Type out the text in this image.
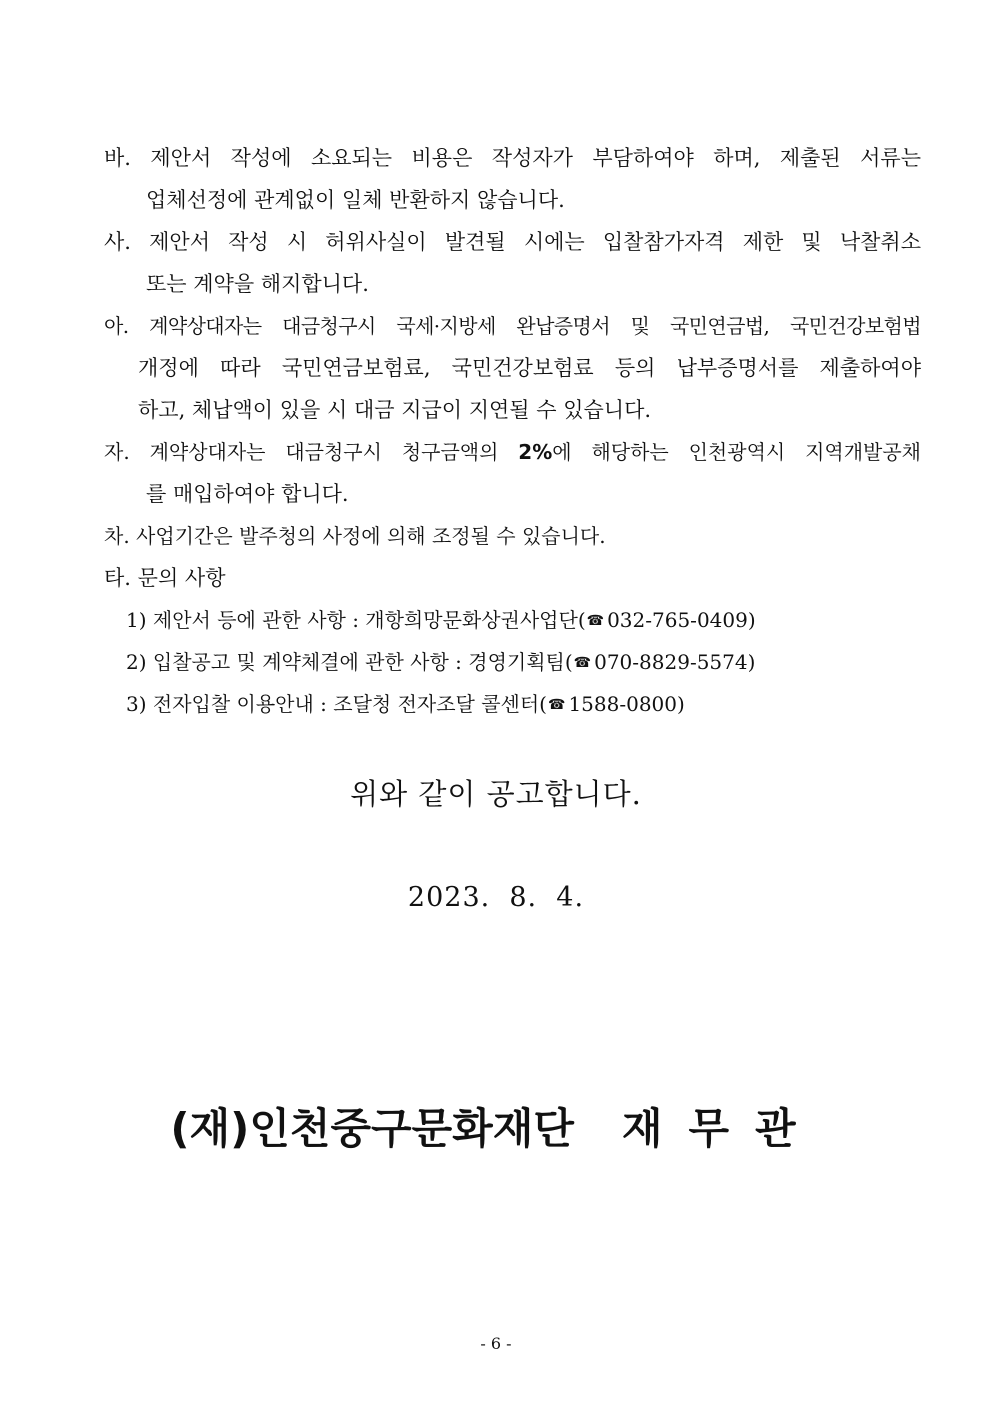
바. 제안서 작성에 소요되는 비용은 작성자가 부담하여야 하며, 제출된 서류는
업체선정에 관계없이 일체 반환하지 않습니다.
사. 제안서 작성 시 허위사실이 발견될 시에는 입찰참가자격 제한 및 낙찰취소
또는 계약을 해지합니다.
아. 계약상대자는 대금청구시 국세·지방세 완납증명서 및 국민연금법, 국민건강보험법
개정에 따라 국민연금보험료, 국민건강보험료 등의 납부증명서를 제출하여야
하고, 체납액이 있을 시 대금 지급이 지연될 수 있습니다.
자. 계약상대자는 대금청구시 청구금액의 2%에 해당하는 인천광역시 지역개발공채
를 매입하여야 합니다.
차. 사업기간은 발주청의 사정에 의해 조정될 수 있습니다.
타. 문의 사항
1) 제안서 등에 관한 사항 : 개항희망문화상권사업단(☎ 032-765-0409)
2) 입찰공고 및 계약체결에 관한 사항 : 경영기획팀(☎ 070-8829-5574)
3) 전자입찰 이용안내 : 조달청 전자조달 콜센터(☎ 1588-0800)
위와 같이 공고합니다.
2023.  8.  4.
(재)인천중구문화재단 재무관
- 6 -
